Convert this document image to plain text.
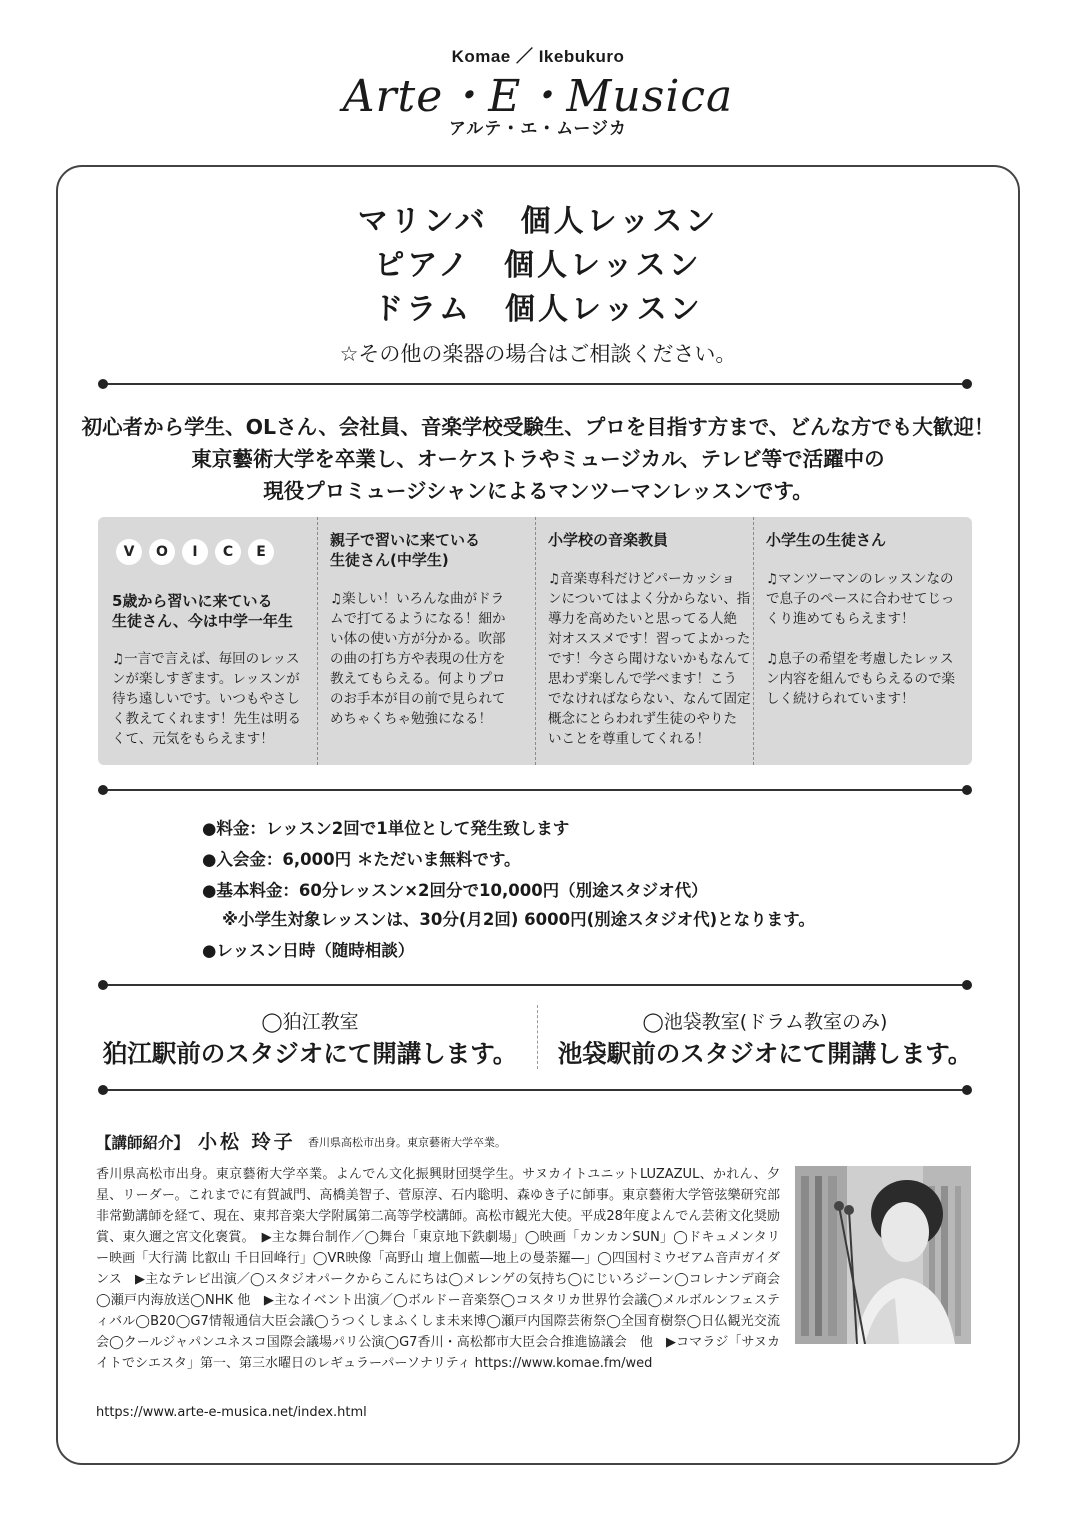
Komae ／ Ikebukuro
Arte・E・Musica
アルテ・エ・ムージカ
マリンバ　個人レッスン
ピアノ　個人レッスン
ドラム　個人レッスン
☆その他の楽器の場合はご相談ください。
初心者から学生、OLさん、会社員、音楽学校受験生、プロを目指す方まで、どんな方でも大歓迎！
東京藝術大学を卒業し、オーケストラやミュージカル、テレビ等で活躍中の
現役プロミュージシャンによるマンツーマンレッスンです。
V O I C E
5歳から習いに来ている
生徒さん、今は中学一年生
♫一言で言えば、毎回のレッス
ンが楽しすぎます。レッスンが
待ち遠しいです。いつもやさし
く教えてくれます！先生は明る
くて、元気をもらえます！
親子で習いに来ている
生徒さん(中学生)
♫楽しい！いろんな曲がドラ
ムで打てるようになる！細か
い体の使い方が分かる。吹部
の曲の打ち方や表現の仕方を
教えてもらえる。何よりプロ
のお手本が目の前で見られて
めちゃくちゃ勉強になる！
小学校の音楽教員
♫音楽専科だけどパーカッショ
ンについてはよく分からない、指
導力を高めたいと思ってる人絶
対オススメです！習ってよかった
です！今さら聞けないかもなんて
思わず楽しんで学べます！こう
でなければならない、なんて固定
概念にとらわれず生徒のやりた
いことを尊重してくれる！
小学生の生徒さん
♫マンツーマンのレッスンなの
で息子のペースに合わせてじっ
くり進めてもらえます！
♫息子の希望を考慮したレッス
ン内容を組んでもらえるので楽
しく続けられています！
●料金：レッスン2回で1単位として発生致します
●入会金：6,000円 ＊ただいま無料です。
●基本料金：60分レッスン×2回分で10,000円（別途スタジオ代）
※小学生対象レッスンは、30分(月2回) 6000円(別途スタジオ代)となります。
●レッスン日時（随時相談）
◯狛江教室
狛江駅前のスタジオにて開講します。
◯池袋教室(ドラム教室のみ)
池袋駅前のスタジオにて開講します。
【講師紹介】 小松 玲子 香川県高松市出身。東京藝術大学卒業。
香川県高松市出身。東京藝術大学卒業。よんでん文化振興財団奨学生。サヌカイトユニットLUZAZUL、かれん、夕星、リーダー。これまでに有賀誠門、高橋美智子、菅原淳、石内聡明、森ゆき子に師事。東京藝術大学管弦樂研究部非常勤講師を経て、現在、東邦音楽大学附属第二高等学校講師。高松市観光大使。平成28年度よんでん芸術文化奨励賞、東久邇之宮文化褒賞。　▶主な舞台制作／◯舞台「東京地下鉄劇場」◯映画「カンカンSUN」◯ドキュメンタリー映画「大行満 比叡山 千日回峰行」◯VR映像「高野山 壇上伽藍―地上の曼荼羅―」◯四国村ミウゼアム音声ガイダンス　▶主なテレビ出演／◯スタジオパークからこんにちは◯メレンゲの気持ち◯にじいろジーン◯コレナンデ商会◯瀬戸内海放送◯NHK 他　▶主なイベント出演／◯ボルドー音楽祭◯コスタリカ世界竹会議◯メルボルンフェスティバル◯B20◯G7情報通信大臣会議◯うつくしまふくしま未来博◯瀬戸内国際芸術祭◯全国育樹祭◯日仏観光交流会◯クールジャパンユネスコ国際会議場パリ公演◯G7香川・高松都市大臣会合推進協議会　他　▶コマラジ「サヌカイトでシエスタ」第一、第三水曜日のレギュラーパーソナリティ https://www.komae.fm/wed
https://www.arte-e-musica.net/index.html
